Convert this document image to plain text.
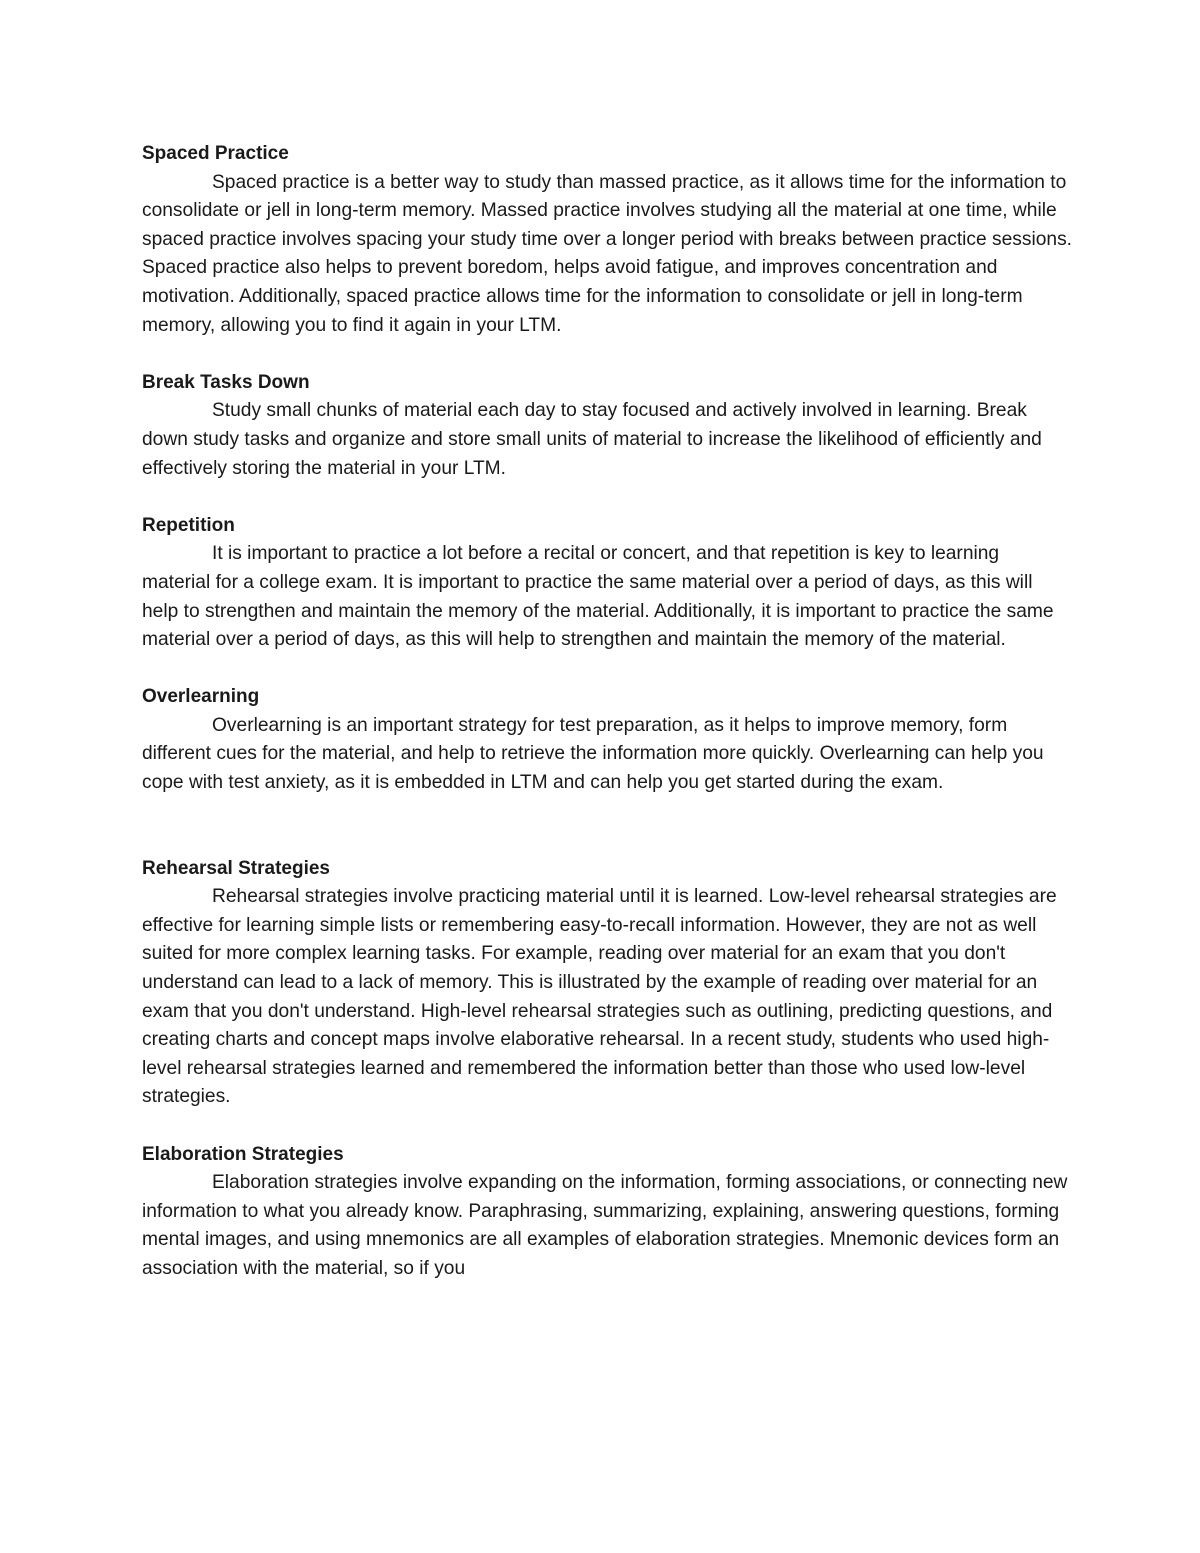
Spaced Practice

Spaced practice is a better way to study than massed practice, as it allows time for the information to consolidate or jell in long-term memory. Massed practice involves studying all the material at one time, while spaced practice involves spacing your study time over a longer period with breaks between practice sessions. Spaced practice also helps to prevent boredom, helps avoid fatigue, and improves concentration and motivation. Additionally, spaced practice allows time for the information to consolidate or jell in long-term memory, allowing you to find it again in your LTM.

Break Tasks Down

Study small chunks of material each day to stay focused and actively involved in learning. Break down study tasks and organize and store small units of material to increase the likelihood of efficiently and effectively storing the material in your LTM.

Repetition

It is important to practice a lot before a recital or concert, and that repetition is key to learning material for a college exam. It is important to practice the same material over a period of days, as this will help to strengthen and maintain the memory of the material. Additionally, it is important to practice the same material over a period of days, as this will help to strengthen and maintain the memory of the material.

Overlearning

Overlearning is an important strategy for test preparation, as it helps to improve memory, form different cues for the material, and help to retrieve the information more quickly. Overlearning can help you cope with test anxiety, as it is embedded in LTM and can help you get started during the exam.

Rehearsal Strategies

Rehearsal strategies involve practicing material until it is learned. Low-level rehearsal strategies are effective for learning simple lists or remembering easy-to-recall information. However, they are not as well suited for more complex learning tasks. For example, reading over material for an exam that you don't understand can lead to a lack of memory. This is illustrated by the example of reading over material for an exam that you don't understand. High-level rehearsal strategies such as outlining, predicting questions, and creating charts and concept maps involve elaborative rehearsal. In a recent study, students who used high-level rehearsal strategies learned and remembered the information better than those who used low-level strategies.

Elaboration Strategies

Elaboration strategies involve expanding on the information, forming associations, or connecting new information to what you already know. Paraphrasing, summarizing, explaining, answering questions, forming mental images, and using mnemonics are all examples of elaboration strategies. Mnemonic devices form an association with the material, so if you
